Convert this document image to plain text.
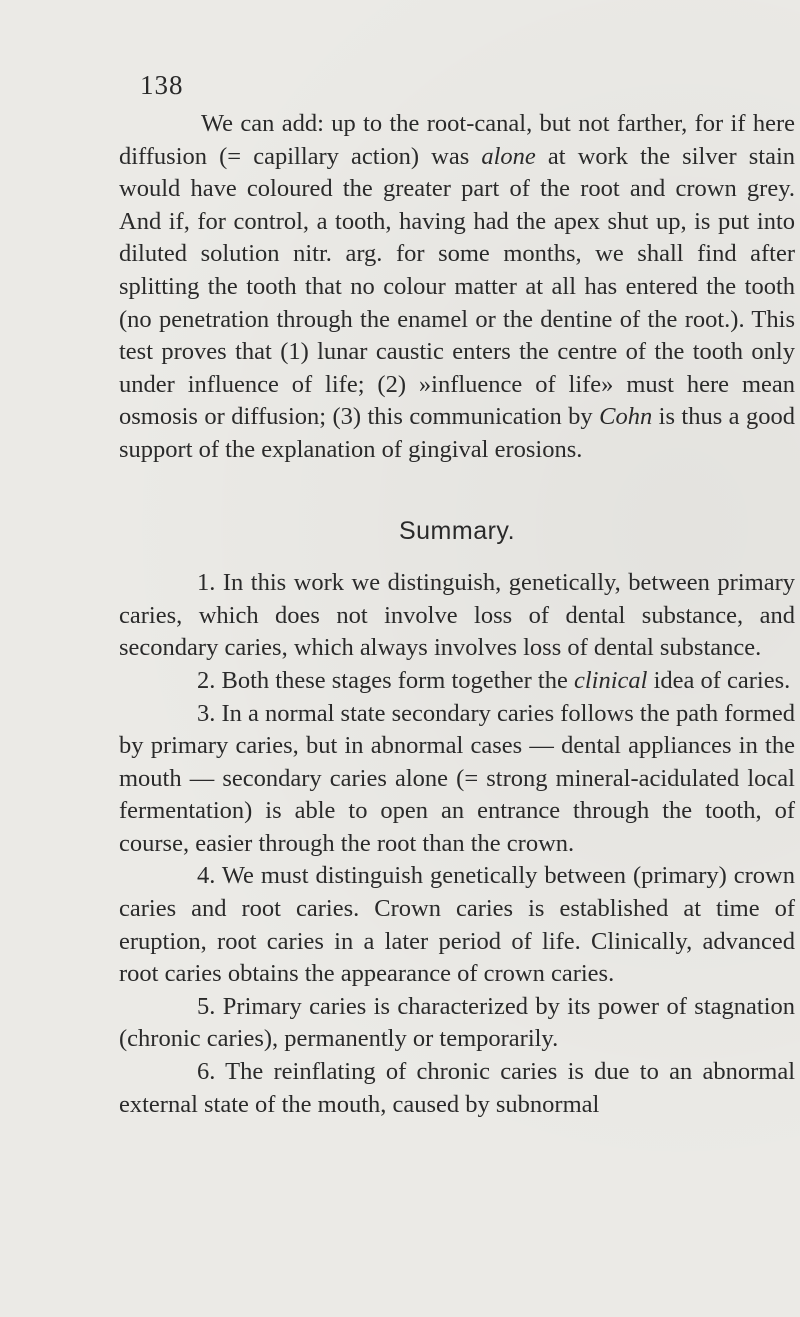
138

We can add: up to the root-canal, but not farther, for if here diffusion (= capillary action) was alone at work the silver stain would have coloured the greater part of the root and crown grey. And if, for control, a tooth, having had the apex shut up, is put into diluted solution nitr. arg. for some months, we shall find after splitting the tooth that no colour matter at all has entered the tooth (no penetration through the enamel or the dentine of the root.). This test proves that (1) lunar caustic enters the centre of the tooth only under influence of life; (2) »influence of life» must here mean osmosis or diffusion; (3) this communication by Cohn is thus a good support of the explanation of gingival erosions.

Summary.

1. In this work we distinguish, genetically, between primary caries, which does not involve loss of dental substance, and secondary caries, which always involves loss of dental substance.

2. Both these stages form together the clinical idea of caries.

3. In a normal state secondary caries follows the path formed by primary caries, but in abnormal cases — dental appliances in the mouth — secondary caries alone (= strong mineral-acidulated local fermentation) is able to open an entrance through the tooth, of course, easier through the root than the crown.

4. We must distinguish genetically between (primary) crown caries and root caries. Crown caries is established at time of eruption, root caries in a later period of life. Clinically, advanced root caries obtains the appearance of crown caries.

5. Primary caries is characterized by its power of stagnation (chronic caries), permanently or temporarily.

6. The reinflating of chronic caries is due to an abnormal external state of the mouth, caused by subnormal
